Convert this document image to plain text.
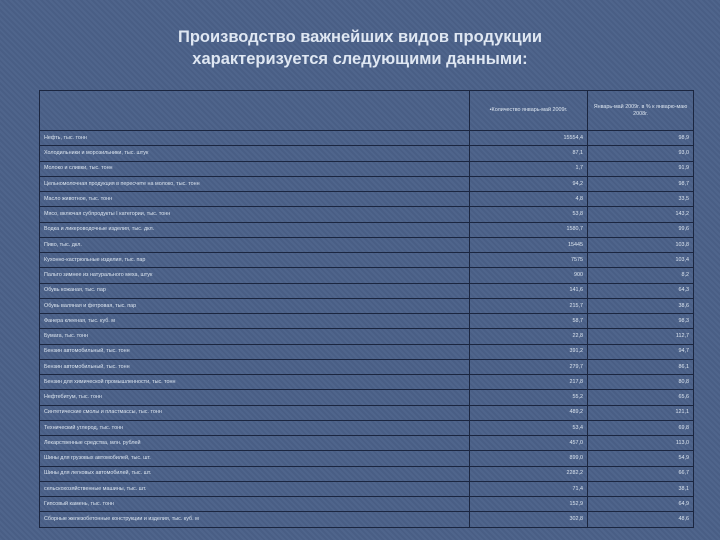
Производство важнейших видов продукции
характеризуется следующими данными:
	•Количество январь-май 2009г.	Январь-май 2009г. в % к январю-маю 2008г.
Нефть, тыс. тонн	15554,4	98,9
Холодильники и морозильники, тыс. штук	87,1	93,0
Молоко и сливки, тыс. тонн	1,7	91,9
Цельномолочная продукция в пересчете на молоко, тыс. тонн	94,2	98,7
Масло животное, тыс. тонн	4,8	33,5
Мясо, включая субпродукты I категории, тыс. тонн	53,8	143,2
Водка и ликероводочные изделия, тыс. дкл.	1580,7	99,6
Пиво, тыс. дкл.	15445	103,8
Кухонно-кастрюльные изделия, тыс. пар	7575	103,4
Пальто зимнее из натурального меха, штук	900	8,2
Обувь кожаная, тыс. пар	141,6	64,3
Обувь валяная и фетровая, тыс. пар	215,7	38,6
Фанера клееная, тыс. куб. м	58,7	98,3
Бумага, тыс. тонн	22,8	112,7
Бензин автомобильный, тыс. тонн	391,2	94,7
Бензин автомобильный, тыс. тонн	279,7	86,1
Бензин для химической промышленности, тыс. тонн	217,8	80,8
Нефтебитум, тыс. тонн	55,2	65,6
Синтетические смолы и пластмассы, тыс. тонн	489,2	121,1
Технический углерод, тыс. тонн	53,4	69,8
Лекарственные средства, млн. рублей	457,0	113,0
Шины для грузовых автомобилей, тыс. шт.	899,0	54,9
Шины для легковых автомобилей, тыс. шт.	2282,2	66,7
сельскохозяйственные машины, тыс. шт.	71,4	38,1
Гипсовый камень, тыс. тонн	152,9	64,9
Сборные железобетонные конструкции и изделия, тыс. куб. м	302,8	48,6
